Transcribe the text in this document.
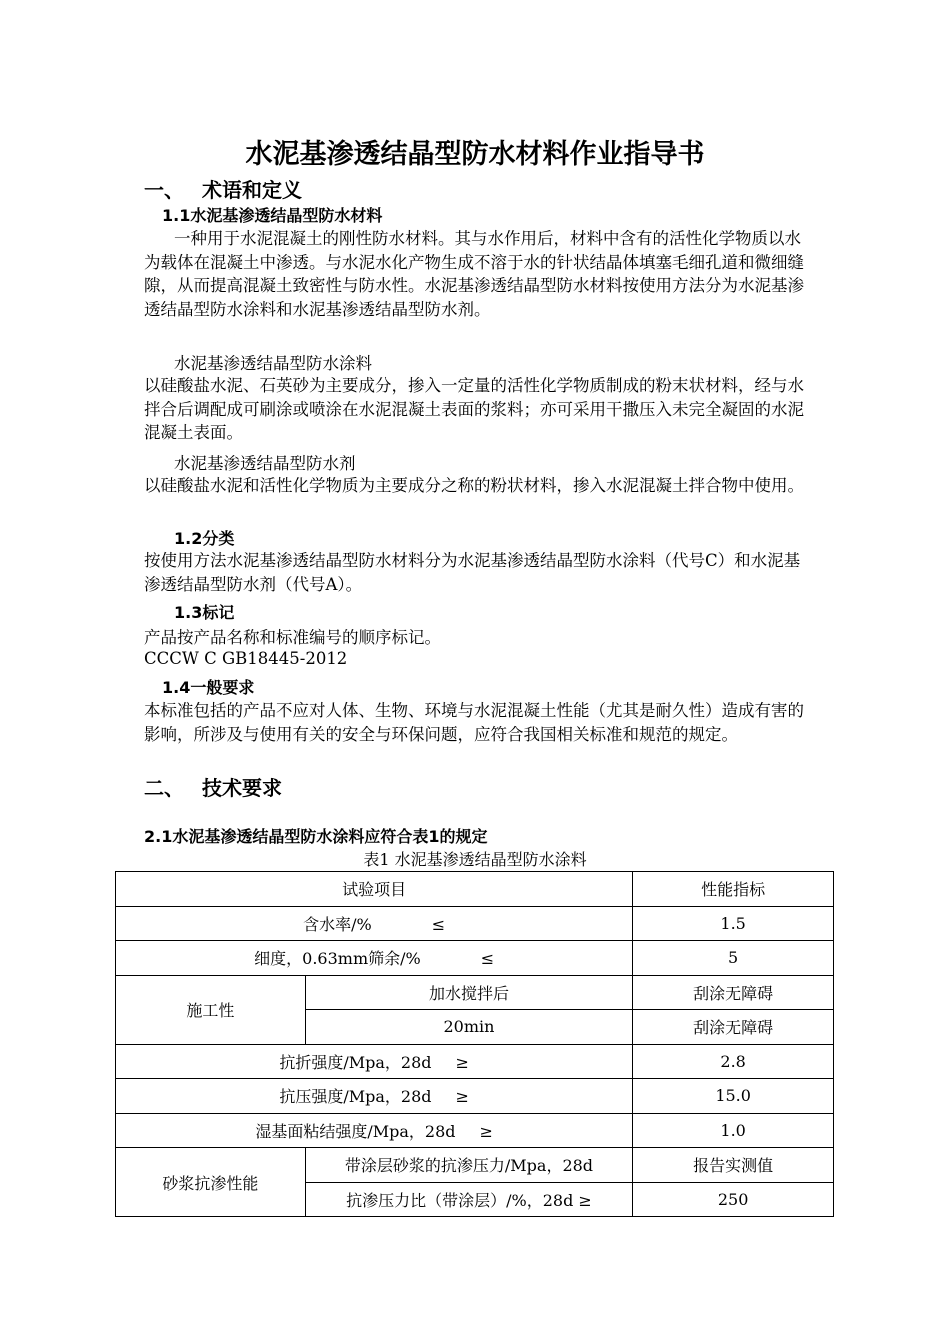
水泥基渗透结晶型防水材料作业指导书
一、 术语和定义
1.1水泥基渗透结晶型防水材料
一种用于水泥混凝土的刚性防水材料。其与水作用后，材料中含有的活性化学物质以水为载体在混凝土中渗透。与水泥水化产物生成不溶于水的针状结晶体填塞毛细孔道和微细缝隙，从而提高混凝土致密性与防水性。水泥基渗透结晶型防水材料按使用方法分为水泥基渗透结晶型防水涂料和水泥基渗透结晶型防水剂。
水泥基渗透结晶型防水涂料
以硅酸盐水泥、石英砂为主要成分，掺入一定量的活性化学物质制成的粉末状材料，经与水拌合后调配成可刷涂或喷涂在水泥混凝土表面的浆料；亦可采用干撒压入未完全凝固的水泥混凝土表面。
水泥基渗透结晶型防水剂
以硅酸盐水泥和活性化学物质为主要成分之称的粉状材料，掺入水泥混凝土拌合物中使用。
1.2分类
按使用方法水泥基渗透结晶型防水材料分为水泥基渗透结晶型防水涂料（代号C）和水泥基渗透结晶型防水剂（代号A）。
1.3标记
产品按产品名称和标准编号的顺序标记。
CCCW C GB18445-2012
1.4一般要求
本标准包括的产品不应对人体、生物、环境与水泥混凝土性能（尤其是耐久性）造成有害的影响，所涉及与使用有关的安全与环保问题，应符合我国相关标准和规范的规定。
二、 技术要求
2.1水泥基渗透结晶型防水涂料应符合表1的规定
表1 水泥基渗透结晶型防水涂料
试验项目		性能指标
含水率/% ≤		1.5
细度，0.63mm筛余/% ≤		5
施工性	加水搅拌后	刮涂无障碍
	20min	刮涂无障碍
抗折强度/Mpa，28d ≥		2.8
抗压强度/Mpa，28d ≥		15.0
湿基面粘结强度/Mpa，28d ≥		1.0
砂浆抗渗性能	带涂层砂浆的抗渗压力/Mpa，28d	报告实测值
	抗渗压力比（带涂层）/%，28d ≥	250
